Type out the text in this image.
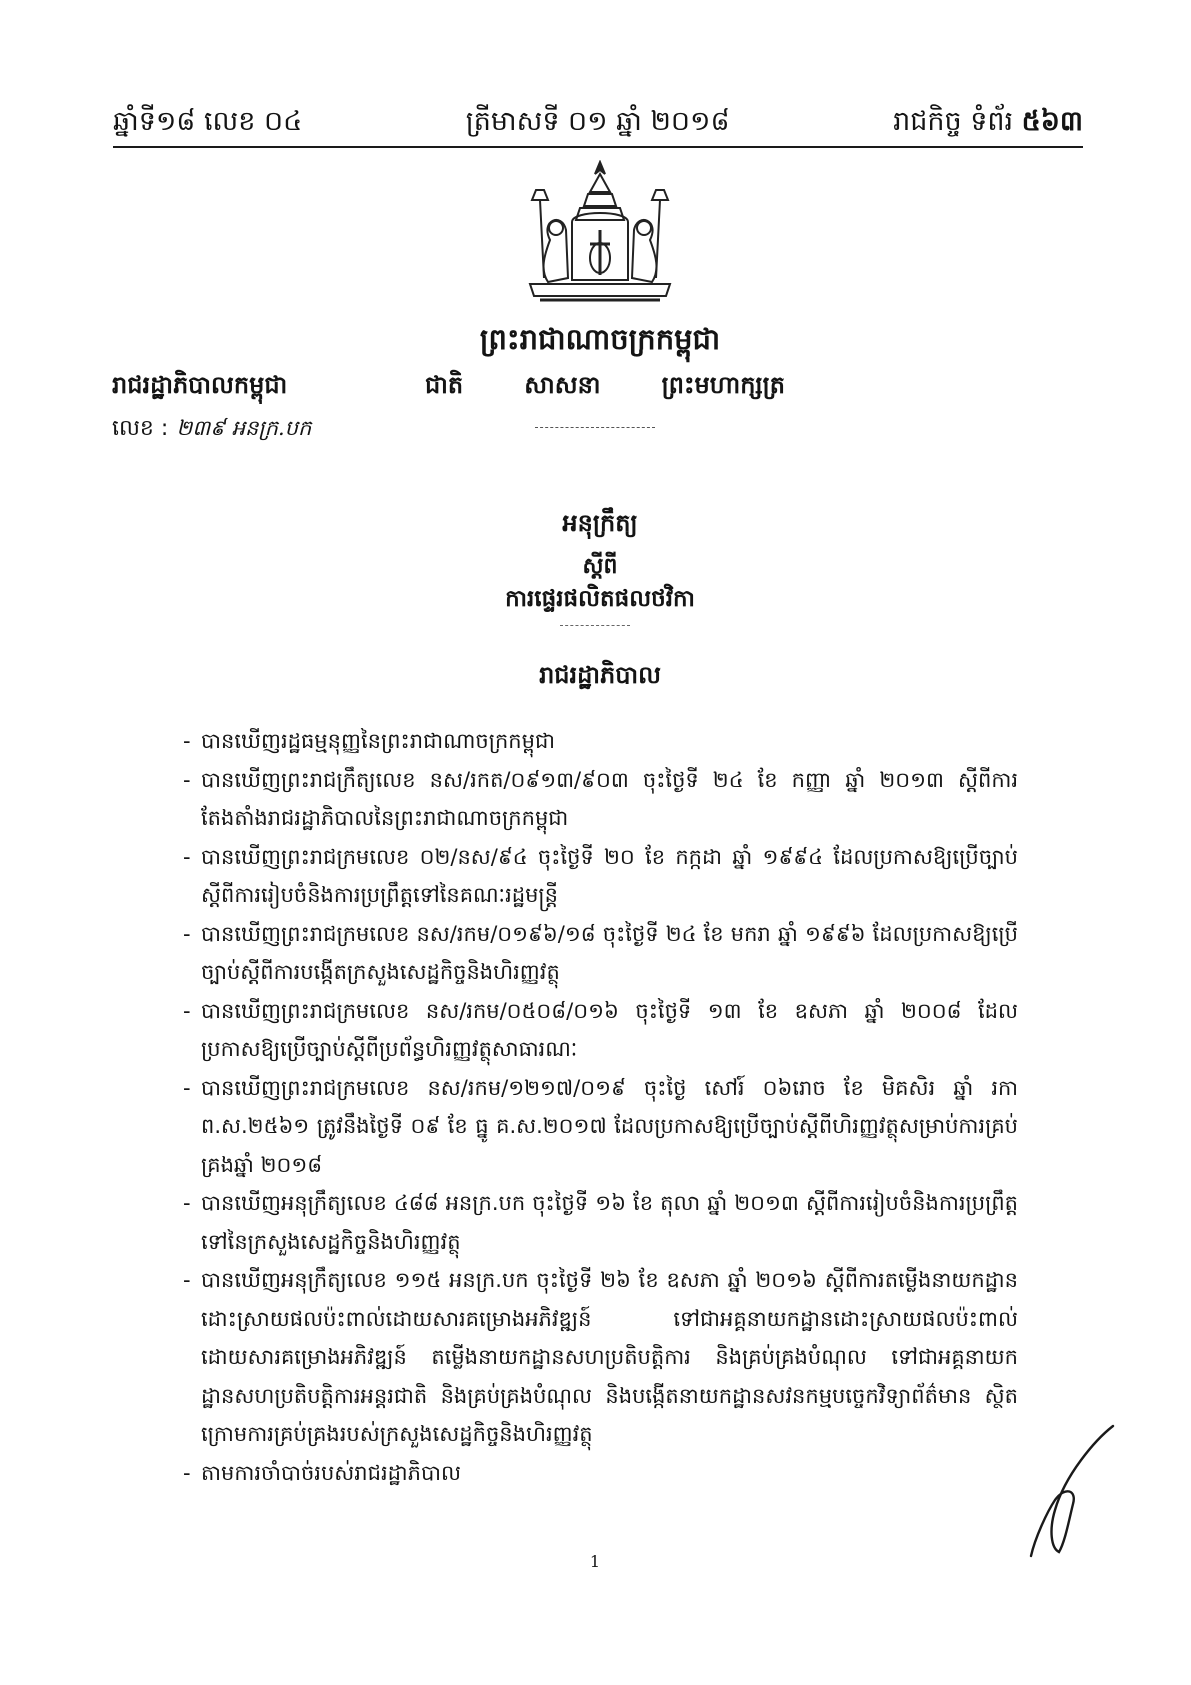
ឆ្នាំទី១៨ លេខ ០៤	ត្រីមាសទី ០១ ឆ្នាំ ២០១៨	រាជកិច្ច ទំព័រ ៥៦៣
ព្រះរាជាណាចក្រកម្ពុជា
រាជរដ្ឋាភិបាលកម្ពុជា	ជាតិ	សាសនា	ព្រះមហាក្សត្រ
លេខ : ២៣៩ អនក្រ.បក
អនុក្រឹត្យ
ស្តីពី
ការផ្ទេរផលិតផលថវិកា
រាជរដ្ឋាភិបាល
- បានឃើញរដ្ឋធម្មនុញ្ញនៃព្រះរាជាណាចក្រកម្ពុជា
- បានឃើញព្រះរាជក្រឹត្យលេខ នស/រកត/០៩១៣/៩០៣ ចុះថ្ងៃទី ២៤ ខែ កញ្ញា ឆ្នាំ ២០១៣ ស្តីពីការតែងតាំងរាជរដ្ឋាភិបាលនៃព្រះរាជាណាចក្រកម្ពុជា
- បានឃើញព្រះរាជក្រមលេខ ០២/នស/៩៤ ចុះថ្ងៃទី ២០ ខែ កក្កដា ឆ្នាំ ១៩៩៤ ដែលប្រកាសឱ្យប្រើច្បាប់ស្តីពីការរៀបចំនិងការប្រព្រឹត្តទៅនៃគណៈរដ្ឋមន្ត្រី
- បានឃើញព្រះរាជក្រមលេខ នស/រកម/០១៩៦/១៨ ចុះថ្ងៃទី ២៤ ខែ មករា ឆ្នាំ ១៩៩៦ ដែលប្រកាសឱ្យប្រើច្បាប់ស្តីពីការបង្កើតក្រសួងសេដ្ឋកិច្ចនិងហិរញ្ញវត្ថុ
- បានឃើញព្រះរាជក្រមលេខ នស/រកម/០៥០៨/០១៦ ចុះថ្ងៃទី ១៣ ខែ ឧសភា ឆ្នាំ ២០០៨ ដែលប្រកាសឱ្យប្រើច្បាប់ស្តីពីប្រព័ន្ធហិរញ្ញវត្ថុសាធារណៈ
- បានឃើញព្រះរាជក្រមលេខ នស/រកម/១២១៧/០១៩ ចុះថ្ងៃ សៅរ៍ ០៦រោច ខែ មិគសិរ ឆ្នាំ រកា ព.ស.២៥៦១ ត្រូវនឹងថ្ងៃទី ០៩ ខែ ធ្នូ គ.ស.២០១៧ ដែលប្រកាសឱ្យប្រើច្បាប់ស្តីពីហិរញ្ញវត្ថុសម្រាប់ការគ្រប់គ្រងឆ្នាំ ២០១៨
- បានឃើញអនុក្រឹត្យលេខ ៤៨៨ អនក្រ.បក ចុះថ្ងៃទី ១៦ ខែ តុលា ឆ្នាំ ២០១៣ ស្តីពីការរៀបចំនិងការប្រព្រឹត្តទៅនៃក្រសួងសេដ្ឋកិច្ចនិងហិរញ្ញវត្ថុ
- បានឃើញអនុក្រឹត្យលេខ ១១៥ អនក្រ.បក ចុះថ្ងៃទី ២៦ ខែ ឧសភា ឆ្នាំ ២០១៦ ស្តីពីការតម្លើងនាយកដ្ឋានដោះស្រាយផលប៉ះពាល់ដោយសារគម្រោងអភិវឌ្ឍន៍ ទៅជាអគ្គនាយកដ្ឋានដោះស្រាយផលប៉ះពាល់ដោយសារគម្រោងអភិវឌ្ឍន៍ តម្លើងនាយកដ្ឋានសហប្រតិបត្តិការ និងគ្រប់គ្រងបំណុល ទៅជាអគ្គនាយកដ្ឋានសហប្រតិបត្តិការអន្តរជាតិ និងគ្រប់គ្រងបំណុល និងបង្កើតនាយកដ្ឋានសវនកម្មបច្ចេកវិទ្យាព័ត៌មាន ស្ថិតក្រោមការគ្រប់គ្រងរបស់ក្រសួងសេដ្ឋកិច្ចនិងហិរញ្ញវត្ថុ
- តាមការចាំបាច់របស់រាជរដ្ឋាភិបាល
1
